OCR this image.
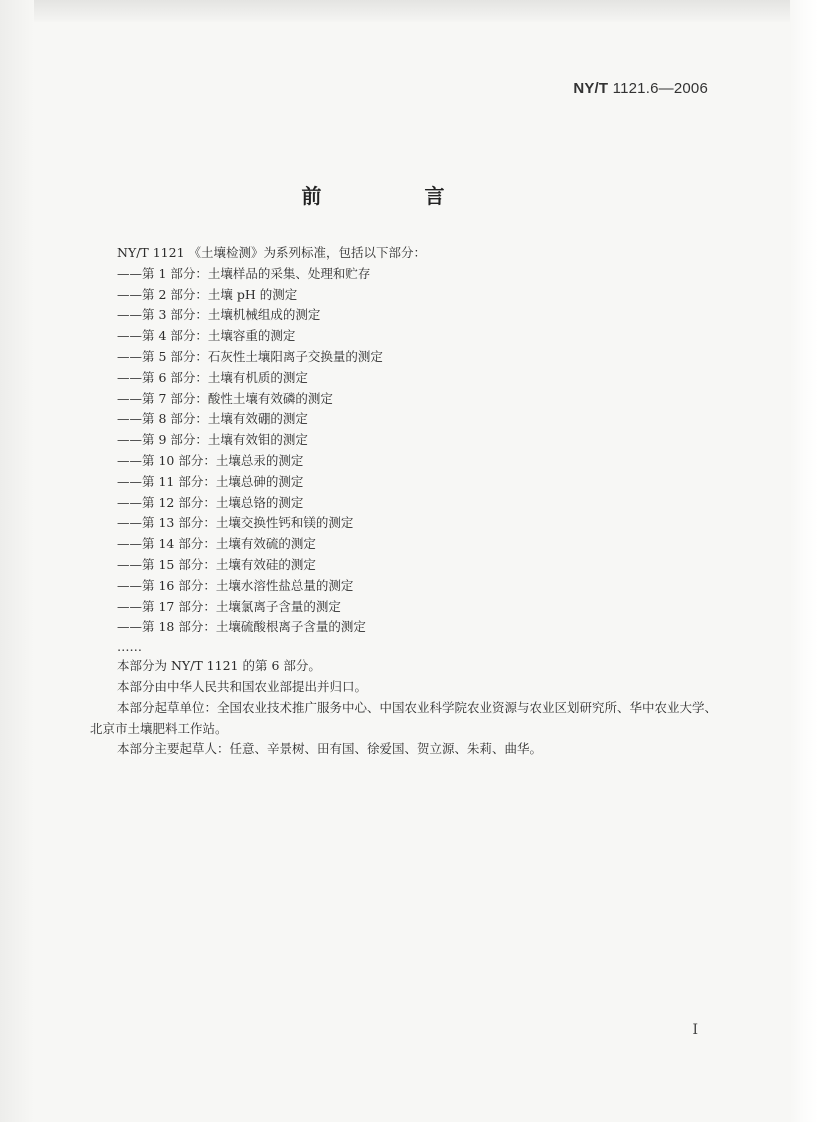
NY/T 1121.6—2006
前 言
NY/T 1121 《土壤检测》为系列标准，包括以下部分：
——第 1 部分：土壤样品的采集、处理和贮存
——第 2 部分：土壤 pH 的测定
——第 3 部分：土壤机械组成的测定
——第 4 部分：土壤容重的测定
——第 5 部分：石灰性土壤阳离子交换量的测定
——第 6 部分：土壤有机质的测定
——第 7 部分：酸性土壤有效磷的测定
——第 8 部分：土壤有效硼的测定
——第 9 部分：土壤有效钼的测定
——第 10 部分：土壤总汞的测定
——第 11 部分：土壤总砷的测定
——第 12 部分：土壤总铬的测定
——第 13 部分：土壤交换性钙和镁的测定
——第 14 部分：土壤有效硫的测定
——第 15 部分：土壤有效硅的测定
——第 16 部分：土壤水溶性盐总量的测定
——第 17 部分：土壤氯离子含量的测定
——第 18 部分：土壤硫酸根离子含量的测定
……
本部分为 NY/T 1121 的第 6 部分。
本部分由中华人民共和国农业部提出并归口。
本部分起草单位：全国农业技术推广服务中心、中国农业科学院农业资源与农业区划研究所、华中农业大学、北京市土壤肥料工作站。
本部分主要起草人：任意、辛景树、田有国、徐爱国、贺立源、朱莉、曲华。
I
